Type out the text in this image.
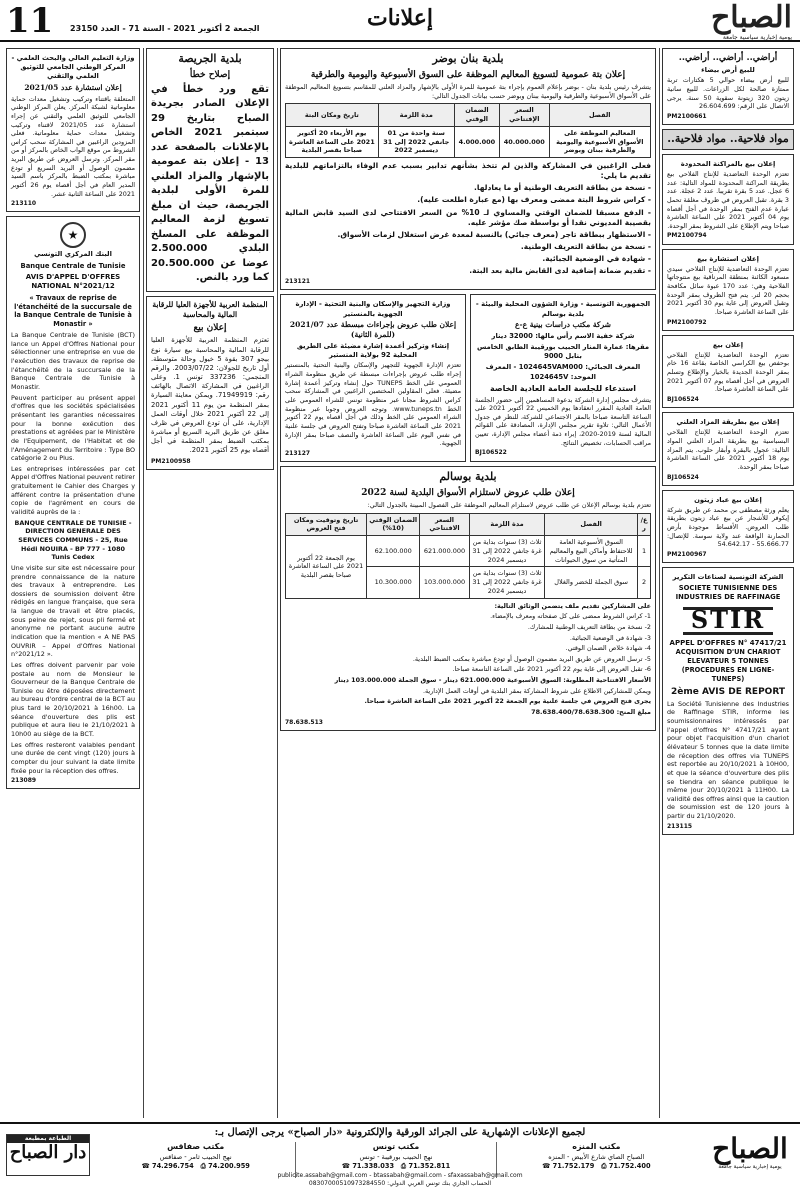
11 الجمعة 2 أكتوبر 2021 - السنة 71 - العدد 23150	إعلانات	الصباح
يومية إخبارية سياسية جامعة
أراضي.. أراضي.. أراضي..
للبيع أرض بيضاء

للبيع أرض بيضاء حوالي 5 هكتارات تربة ممتازة صالحة لكل الزراعات. للبيع سانية زيتون 320 زيتونة سقوية 50 سنة. يرجى الاتصال على الرقم: 26.604.699

PM2100661
مواد فلاحية.. مواد فلاحية..
إعلان بيع بالمراكنة المحدودة

تعتزم الوحدة التعاضدية للإنتاج الفلاحي بيع بطريقة المراكنة المحدودة للمواد التالية: عدد 6 عجل. عدد 5 بقرة تقريبا. عدد 2 عجلة. عدد 3 بقرة. تقبل العروض في ظروف مغلقة تحمل عبارة عدم الفتح بمقر الوحدة في أجل أقصاه يوم 04 أكتوبر 2021 على الساعة العاشرة صباحا ويتم الإطلاع على الشروط بمقر الوحدة.

PM2100794
إعلان استشارة بيع

تعتزم الوحدة التعاضدية للإنتاج الفلاحي سيدي مسعود الكائنة بمنطقة المرناقية بيع منتوجاتها الفلاحية وهي: عدد 170 عبوة سائل مكافحة بحجم 20 لتر. يتم فتح الظروف بمقر الوحدة وتقبل العروض إلى غاية يوم 30 أكتوبر 2021 على الساعة العاشرة صباحا.

PM2100792
إعلان بيع

تعتزم الوحدة التعاضدية للإنتاج الفلاحي بوحفص بيع الكراسي الخاصة بقاعة 16 خام بمقر الوحدة الجديدة بالخيار والإطلاع وتسلم العروض في أجل أقصاه يوم 07 أكتوبر 2021 على الساعة العاشرة صباحا.

BJ106524
إعلان بيع بطريقة المزاد العلني

تعتزم الوحدة التعاضدية للإنتاج الفلاحي البسباسية بيع بطريقة المزاد العلني المواد التالية: عجول بالبقرة وأبقار حلوب. يتم المزاد يوم 18 أكتوبر 2021 على الساعة العاشرة صباحا بمقر الوحدة.

BJ106524
إعلان بيع عباد زيتون

يعلم ورثة مصطفى بن محمد عن طريق شركة إيكوفر للأشجار عن بيع عباد زيتون بطريقة طلب العروض. الأقساط موجودة بأرض الحمارنة الواقعة عند ولاية سوسة. للإتصال: 55.666.77 - 54.642.17

PM2100967
الشركة التونسية لصناعات التكرير
SOCIETE TUNISIENNE DES INDUSTRIES DE RAFFINAGE
STIR
APPEL D'OFFRES N° 47417/21
ACQUISITION D'UN CHARIOT ELEVATEUR 5 TONNES (PROCEDURES EN LIGNE- TUNEPS)
2ème AVIS DE REPORT

La Société Tunisienne des Industries de Raffinage STIR, informe les soumissionnaires intéressés par l'appel d'offres N° 47417/21 ayant pour objet l'acquisition d'un chariot élévateur 5 tonnes que la date limite de réception des offres via TUNEPS est reportée au 20/10/2021 à 10H00, et que la séance d'ouverture des plis se tiendra en séance publique le même jour 20/10/2021 à 11H00. La validité des offres ainsi que la caution de soumission est de 120 jours à partir du 21/10/2020.

213115
بلدية بنان بوضر
إعلان بتة عمومية لتسويغ المعاليم الموظفة على السوق الأسبوعية واليومية والطرقية

يتشرف رئيس بلدية بنان - بوضر بإعلام العموم بإجراء بتة عمومية للمرة الأولى بالإشهار والمزاد العلني للمقاسم بتسويغ المعاليم الموظفة على الأسواق الأسبوعية والطرقية واليومية ببنان وبوضر حسب بيانات الجدول التالي:

الفصل	السعر الإفتتاحي	الضمان الوقتي	مدة اللزمة	تاريخ ومكان البتة
المعاليم الموظفة على الأسواق الأسبوعية واليومية والطرقية ببنان وبوضر	40.000.000	4.000.000	سنة واحدة من 01 جانفي 2022 إلى 31 ديسمبر 2022	يوم الأربعاء 20 أكتوبر 2021 على الساعة العاشرة صباحا بقصر البلدية

فعلى الراغبين في المشاركة والذين لم تتخذ بشأنهم تدابير بسبب عدم الوفاء بالتزاماتهم للبلدية تقديم ما يلي:

- نسخة من بطاقة التعريف الوطنية أو ما يعادلها.

- كراس شروط البتة ممضى ومعرف بها (مع عبارة اطلعت عليه).

- الدفع مسبقا للضمان الوقتي والمساوي لـ 10% من السعر الافتتاحي لدى السيد قابض المالية بقصيبة المديوني نقدا أو بواسطة صك مؤشر عليه.

- الاستظهار ببطاقة تاجر (معرف جبائي) بالنسبة لمعدة غرض استغلال لزمات الأسواق.

- نسخة من بطاقة التعريف الوطنية.

- شهادة في الوضعية الجبائية.

- تقديم ضمانة إضافية لدى القابض مالية بعد البتة.

213121
الجمهورية التونسية - وزارة الشؤون المحلية والبيئة - بلدية بوسالم
شركة مكتب دراسات بينية ع-ع
شركة خفية الاسم رأس مالها: 32000 دينار
مقرها: عمارة المنار الحبيب بورقيبة الطابق الخامس بنابل 9000
المعرف الجبائي: 1024645VAM000 - المعرف الموحد: 1024645V
استدعاء للجلسة العامة العادية الخاصة

يتشرف مجلس إدارة الشركة بدعوة المساهمين إلى حضور الجلسة العامة العادية المقرر انعقادها يوم الخميس 22 أكتوبر 2021 على الساعة التاسعة صباحا بالمقر الاجتماعي للشركة، للنظر في جدول الأعمال التالي: تلاوة تقرير مجلس الإدارة، المصادقة على القوائم المالية لسنة 2019-2020، إبراء ذمة أعضاء مجلس الإدارة، تعيين مراقب الحسابات، تخصيص النتائج.

BJ106522
وزارة التجهيز والإسكان والبنية التحتية - الإدارة الجهوية بالمنستير
إعلان طلب عروض بإجراءات مبسطة عدد 2021/07 (للمرة الثانية)
إنشاء وتركيز أعمدة إشارة مضيئة على الطريق المحلية 92 بولاية المنستير

تعتزم الإدارة الجهوية للتجهيز والإسكان والبنية التحتية بالمنستير إجراء طلب عروض بإجراءات مبسطة عن طريق منظومة الشراء العمومي على الخط TUNEPS حول إنشاء وتركيز أعمدة إشارة مضيئة. فعلى المقاولين المختصين الراغبين في المشاركة سحب كراس الشروط مجانا عبر منظومة تونس للشراء العمومي على الخط www.tuneps.tn. وتوجه العروض وجوبا عبر منظومة الشراء العمومي على الخط وذلك في أجل أقصاه يوم 22 أكتوبر 2021 على الساعة العاشرة صباحا وتفتح العروض في جلسة علنية في نفس اليوم على الساعة العاشرة والنصف صباحا بمقر الإدارة الجهوية.

213127
بلدية بوسالم
إعلان طلب عروض لاستلزام الأسواق البلدية لسنة 2022

تعتزم بلدية بوسالم الإعلان عن طلب عروض لاستلزام المعاليم الموظفة على الفصول المبينة بالجدول التالي:

ع/ر	الفصل	مدة اللزمة	السعر الافتتاحي	الضمان الوقتي (10%)	تاريخ وتوقيت ومكان فتح العروض
1	السوق الأسبوعية العامة للاحتفاظ وأماكن البيع والمعاليم المتأتية من سوق الحيوانات	ثلاث (3) سنوات بداية من غرة جانفي 2022 إلى 31 ديسمبر 2024	621.000.000	62.100.000	يوم الجمعة 22 أكتوبر 2021 على الساعة العاشرة صباحا بقصر البلدية
2	سوق الجملة للخضر والغلال	ثلاث (3) سنوات بداية من غرة جانفي 2022 إلى 31 ديسمبر 2024	103.000.000	10.300.000	

على المشاركين تقديم ملف يتضمن الوثائق التالية:

1- كراس الشروط ممضى على كل صفحاته ومعرف بالإمضاء.

2- نسخة من بطاقة التعريف الوطنية للمشارك.

3- شهادة في الوضعية الجبائية.

4- شهادة خلاص الضمان الوقتي.

5- ترسل العروض عن طريق البريد مضمون الوصول أو تودع مباشرة بمكتب الضبط البلدية.

6- تقبل العروض إلى غاية يوم 22 أكتوبر 2021 على الساعة التاسعة صباحا.

الأسعار الافتتاحية المطلوبة: السوق الأسبوعية 621.000.000 دينار - سوق الجملة 103.000.000 دينار

ويمكن للمشاركين الاطلاع على شروط المشاركة بمقر البلدية في أوقات العمل الإدارية.

يجرى فتح العروض في جلسة علنية يوم الجمعة 22 أكتوبر 2021 على الساعة العاشرة صباحا.

مبلغ المنح: 78.638.400/78.638.300

78.638.513
بلدية الجريصة
إصلاح خطأ

تقع ورد خطأ في الإعلان الصادر بجريدة الصباح بتاريخ 29 سبتمبر 2021 الخاص بالإعلانات بالصفحة عدد 13 - إعلان بتة عمومية بالإشهار والمزاد العلني للمرة الأولى لبلدية الجريصة، حيث ان مبلغ تسويغ لزمة المعاليم الموظفة على المسلخ البلدي 2.500.000 عوضا عن 20.500.000 كما ورد بالنص.

المنظمة العربية للأجهزة العليا للرقابة المالية والمحاسبة
إعلان بيع

تعتزم المنظمة العربية للأجهزة العليا للرقابة المالية والمحاسبة بيع سيارة نوع بيجو 307 بقوة 5 خيول وحالة متوسطة. أول تاريخ للجولان: 2003/07/22. والرقم المنجمي: 337236 تونس 1. وعلى الراغبين في المشاركة الاتصال بالهاتف رقم: 71949919. ويمكن معاينة السيارة بمقر المنظمة من يوم 11 أكتوبر 2021 إلى 22 أكتوبر 2021 خلال أوقات العمل الإدارية، على أن تودع العروض في ظرف مغلق عن طريق البريد السريع أو مباشرة بمكتب الضبط بمقر المنظمة في أجل أقصاه يوم 25 أكتوبر 2021.

PM2100958
وزارة التعليم العالي والبحث العلمي - المركز الوطني الجامعي للتوثيق العلمي والتقني
إعلان استشارة عدد 2021/05

المتعلقة باقتناء وتركيب وتشغيل معدات حماية معلوماتية لشبكة المركز. يعلن المركز الوطني الجامعي للتوثيق العلمي والتقني عن إجراء استشارة عدد 2021/05 لاقتناء وتركيب وتشغيل معدات حماية معلوماتية. فعلى المزودين الراغبين في المشاركة سحب كراس الشروط من موقع الواب الخاص بالمركز أو من مقر المركز. وترسل العروض عن طريق البريد مضمون الوصول أو البريد السريع أو تودع مباشرة بمكتب الضبط بالمركز باسم السيد المدير العام في أجل أقصاه يوم 26 أكتوبر 2021 على الساعة الثانية عشر.

213110
★
البنك المركزي التونسي
Banque Centrale de Tunisie
AVIS D'APPEL D'OFFRES NATIONAL N°2021/12
« Travaux de reprise de l'étanchéité de la succursale de la Banque Centrale de Tunisie à Monastir »

La Banque Centrale de Tunisie (BCT) lance un Appel d'Offres National pour sélectionner une entreprise en vue de l'exécution des travaux de reprise de l'étanchéité de la succursale de la Banque Centrale de Tunisie à Monastir.

Peuvent participer au présent appel d'offres que les sociétés spécialisées présentant les garanties nécessaires pour la bonne exécution des prestations et agréées par le Ministère de l'Equipement, de l'Habitat et de l'Aménagement du Territoire : Type BO catégorie 2 ou Plus.

Les entreprises intéressées par cet Appel d'Offres National peuvent retirer gratuitement le Cahier des Charges y afférent contre la présentation d'une copie de l'agrément en cours de validité auprès de la :

BANQUE CENTRALE DE TUNISIE - DIRECTION GENERALE DES SERVICES COMMUNS - 25, Rue Hédi NOUIRA - BP 777 - 1080 Tunis Cedex

Une visite sur site est nécessaire pour prendre connaissance de la nature des travaux à entreprendre. Les dossiers de soumission doivent être rédigés en langue française, que sera la langue de travail et être placés, sous peine de rejet, sous pli fermé et anonyme ne portant aucune autre indication que la mention « A NE PAS OUVRIR – Appel d'Offres National n°2021/12 ».

Les offres doivent parvenir par voie postale au nom de Monsieur le Gouverneur de la Banque Centrale de Tunisie ou être déposées directement au bureau d'ordre central de la BCT au plus tard le 20/10/2021 à 16h00. La séance d'ouverture des plis est publique et aura lieu le 21/10/2021 à 10h00 au siège de la BCT.

Les offres resteront valables pendant une durée de cent vingt (120) jours à compter du jour suivant la date limite fixée pour la réception des offres.

213089
لجميع الإعلانات الإشهارية على الجرائد الورقية والإلكترونية «دار الصباح» يرجى الإتصال بـ:	الصباح
يومية إخبارية سياسية جامعة
مكتب المنزه
الصباح الصاي شارع الأبيض - المنزه
☎ 71.752.179 ⎙ 71.752.400
مكتب تونس
نهج الحبيب بورقيبة - تونس
☎ 71.338.033 ⎙ 71.352.811
مكتب صفاقس
نهج الحبيب ثامر - صفاقس
☎ 74.296.754 ⎙ 74.200.959
publicite.assabah@gmail.com - btassabah@gmail.com - sfaxassabah@gmail.com
الحساب الجاري بنك تونس العربي الدولي: 08307000510973284550
الطباعة بمطبعة
دار الصباح
